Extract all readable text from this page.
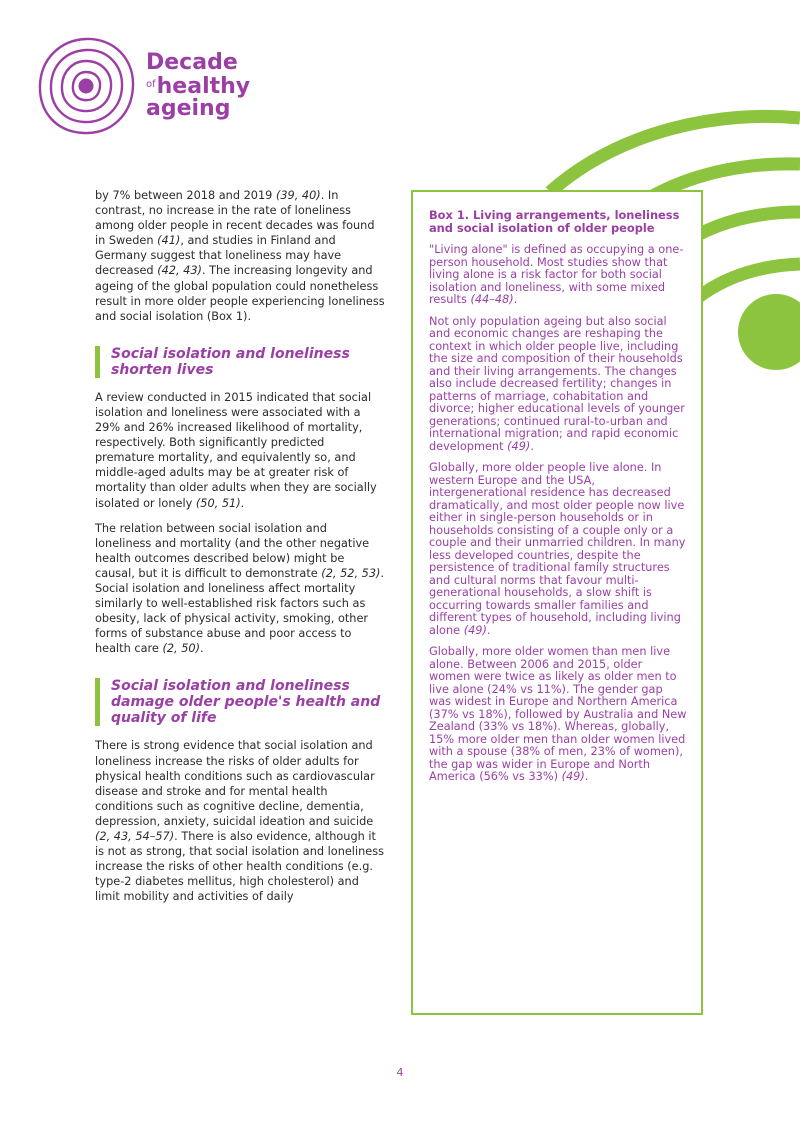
Decade
$^{of}$healthy
ageing

by 7% between 2018 and 2019 (39, 40). In contrast, no increase in the rate of loneliness among older people in recent decades was found in Sweden (41), and studies in Finland and Germany suggest that loneliness may have decreased (42, 43). The increasing longevity and ageing of the global population could nonetheless result in more older people experiencing loneliness and social isolation (Box 1).

Social isolation and loneliness shorten lives

A review conducted in 2015 indicated that social isolation and loneliness were associated with a 29% and 26% increased likelihood of mortality, respectively. Both significantly predicted premature mortality, and equivalently so, and middle-aged adults may be at greater risk of mortality than older adults when they are socially isolated or lonely (50, 51).

The relation between social isolation and loneliness and mortality (and the other negative health outcomes described below) might be causal, but it is difficult to demonstrate (2, 52, 53). Social isolation and loneliness affect mortality similarly to well-established risk factors such as obesity, lack of physical activity, smoking, other forms of substance abuse and poor access to health care (2, 50).

Social isolation and loneliness damage older people's health and quality of life

There is strong evidence that social isolation and loneliness increase the risks of older adults for physical health conditions such as cardiovascular disease and stroke and for mental health conditions such as cognitive decline, dementia, depression, anxiety, suicidal ideation and suicide (2, 43, 54–57). There is also evidence, although it is not as strong, that social isolation and loneliness increase the risks of other health conditions (e.g. type-2 diabetes mellitus, high cholesterol) and limit mobility and activities of daily

Box 1. Living arrangements, loneliness and social isolation of older people

"Living alone" is defined as occupying a one-person household. Most studies show that living alone is a risk factor for both social isolation and loneliness, with some mixed results (44–48).

Not only population ageing but also social and economic changes are reshaping the context in which older people live, including the size and composition of their households and their living arrangements. The changes also include decreased fertility; changes in patterns of marriage, cohabitation and divorce; higher educational levels of younger generations; continued rural-to-urban and international migration; and rapid economic development (49).

Globally, more older people live alone. In western Europe and the USA, intergenerational residence has decreased dramatically, and most older people now live either in single-person households or in households consisting of a couple only or a couple and their unmarried children. In many less developed countries, despite the persistence of traditional family structures and cultural norms that favour multi-generational households, a slow shift is occurring towards smaller families and different types of household, including living alone (49).

Globally, more older women than men live alone. Between 2006 and 2015, older women were twice as likely as older men to live alone (24% vs 11%). The gender gap was widest in Europe and Northern America (37% vs 18%), followed by Australia and New Zealand (33% vs 18%). Whereas, globally, 15% more older men than older women lived with a spouse (38% of men, 23% of women), the gap was wider in Europe and North America (56% vs 33%) (49).

4
